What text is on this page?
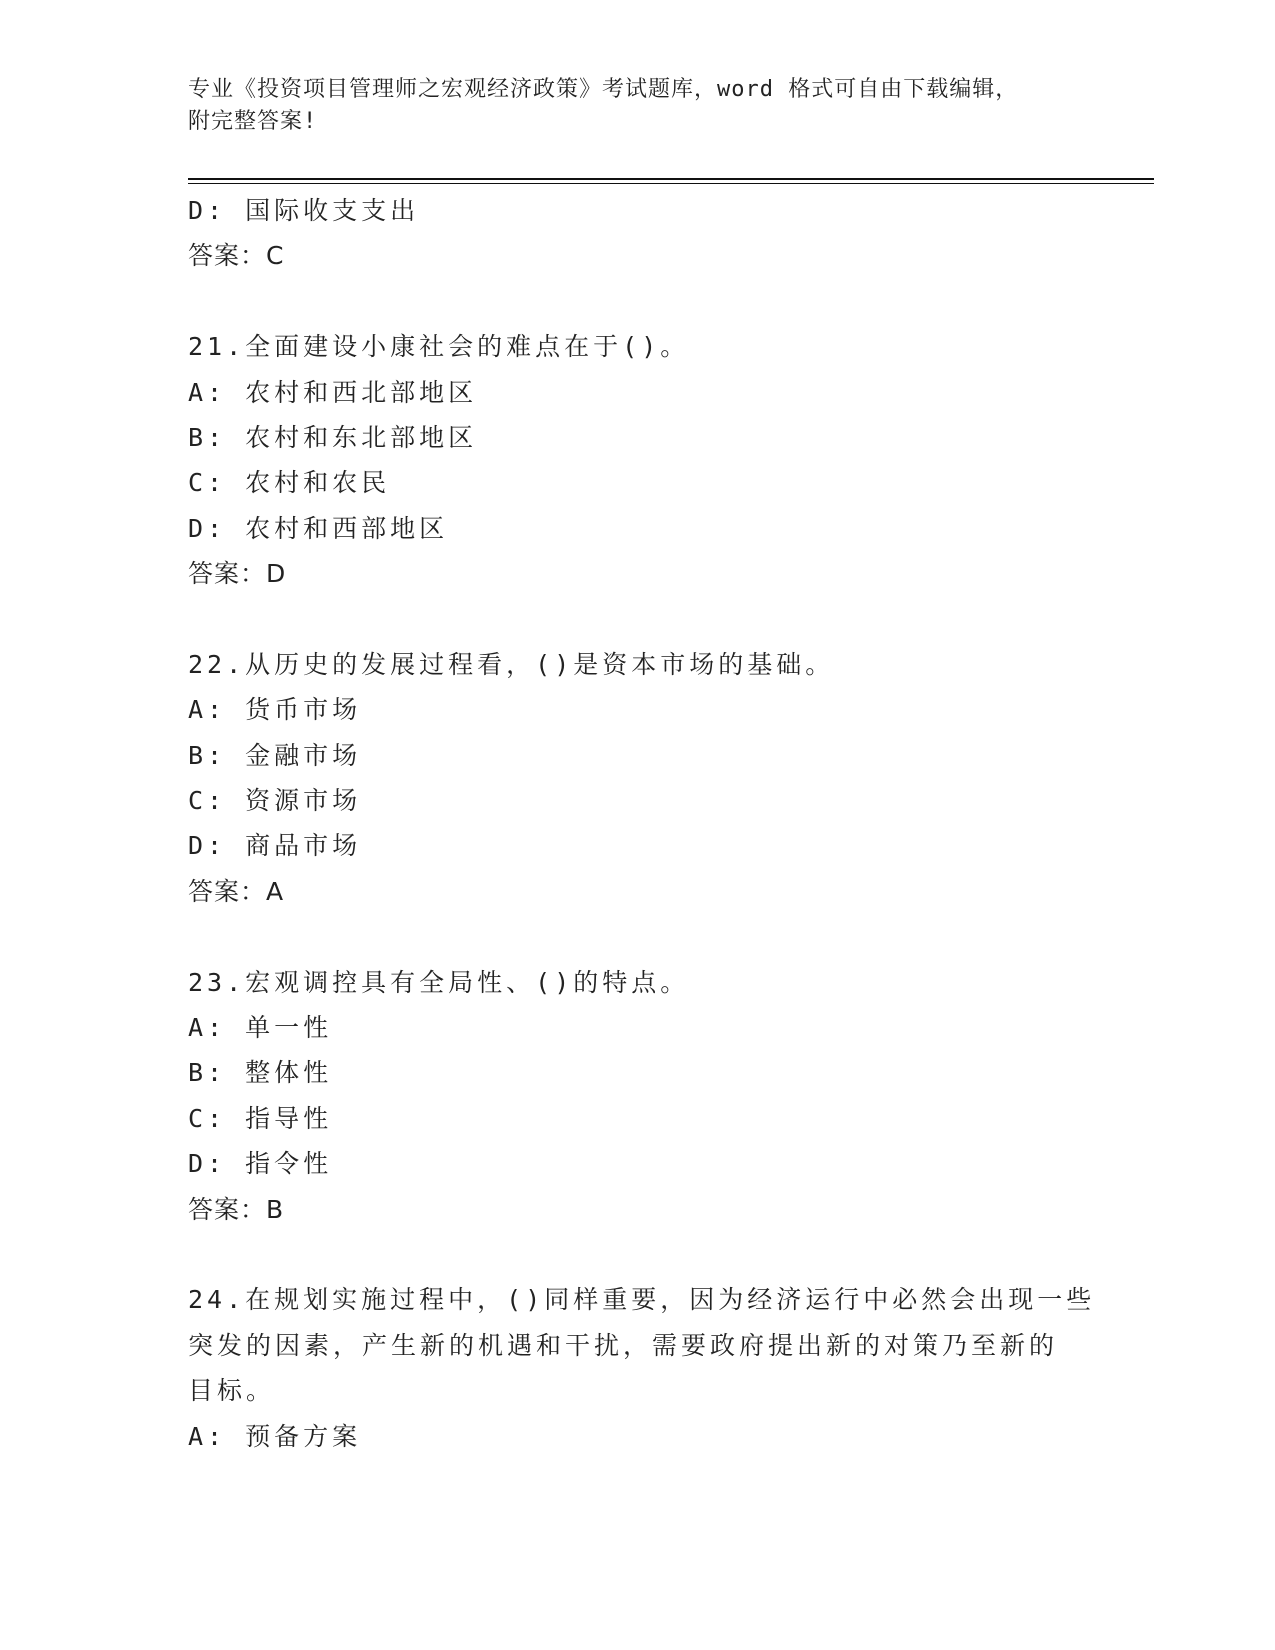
专业《投资项目管理师之宏观经济政策》考试题库，word 格式可自由下载编辑，
附完整答案!
D: 国际收支支出
答案：C
21.全面建设小康社会的难点在于()。
A: 农村和西北部地区
B: 农村和东北部地区
C: 农村和农民
D: 农村和西部地区
答案：D
22.从历史的发展过程看，()是资本市场的基础。
A: 货币市场
B: 金融市场
C: 资源市场
D: 商品市场
答案：A
23.宏观调控具有全局性、()的特点。
A: 单一性
B: 整体性
C: 指导性
D: 指令性
答案：B
24.在规划实施过程中，()同样重要，因为经济运行中必然会出现一些
突发的因素，产生新的机遇和干扰，需要政府提出新的对策乃至新的
目标。
A: 预备方案
